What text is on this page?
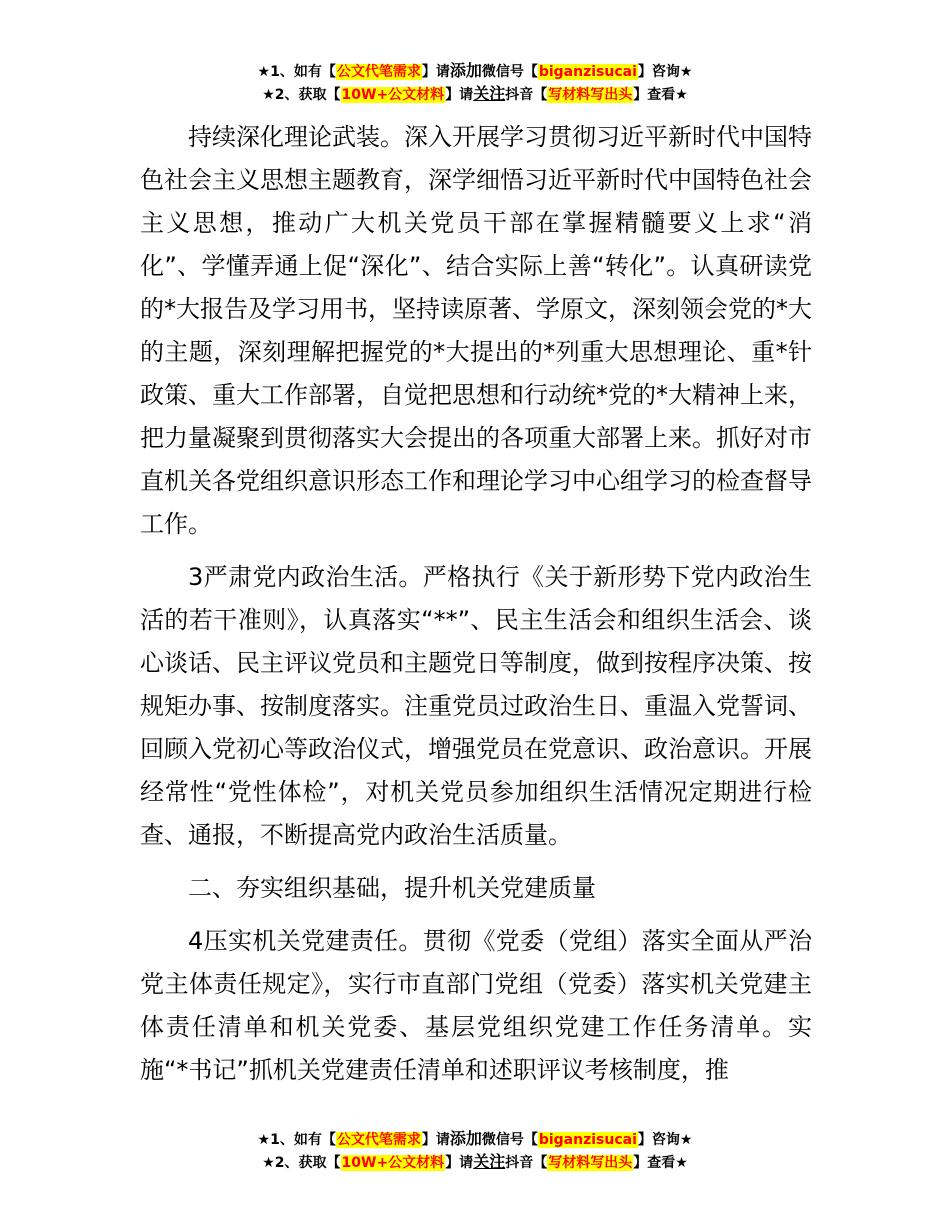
★1、如有【公文代笔需求】请添加微信号【biganzisucai】咨询★
★2、获取【10W+公文材料】请关注抖音【写材料写出头】查看★

持续深化理论武装。深入开展学习贯彻习近平新时代中国特色社会主义思想主题教育，深学细悟习近平新时代中国特色社会主义思想，推动广大机关党员干部在掌握精髓要义上求“消化”、学懂弄通上促“深化”、结合实际上善“转化”。认真研读党的*大报告及学习用书，坚持读原著、学原文，深刻领会党的*大的主题，深刻理解把握党的*大提出的*列重大思想理论、重*针政策、重大工作部署，自觉把思想和行动统*党的*大精神上来，把力量凝聚到贯彻落实大会提出的各项重大部署上来。抓好对市直机关各党组织意识形态工作和理论学习中心组学习的检查督导工作。

3严肃党内政治生活。严格执行《关于新形势下党内政治生活的若干准则》，认真落实“**”、民主生活会和组织生活会、谈心谈话、民主评议党员和主题党日等制度，做到按程序决策、按规矩办事、按制度落实。注重党员过政治生日、重温入党誓词、回顾入党初心等政治仪式，增强党员在党意识、政治意识。开展经常性“党性体检”，对机关党员参加组织生活情况定期进行检查、通报，不断提高党内政治生活质量。

二、夯实组织基础，提升机关党建质量

4压实机关党建责任。贯彻《党委（党组）落实全面从严治党主体责任规定》，实行市直部门党组（党委）落实机关党建主体责任清单和机关党委、基层党组织党建工作任务清单。实施“*书记”抓机关党建责任清单和述职评议考核制度，推

★1、如有【公文代笔需求】请添加微信号【biganzisucai】咨询★
★2、获取【10W+公文材料】请关注抖音【写材料写出头】查看★
